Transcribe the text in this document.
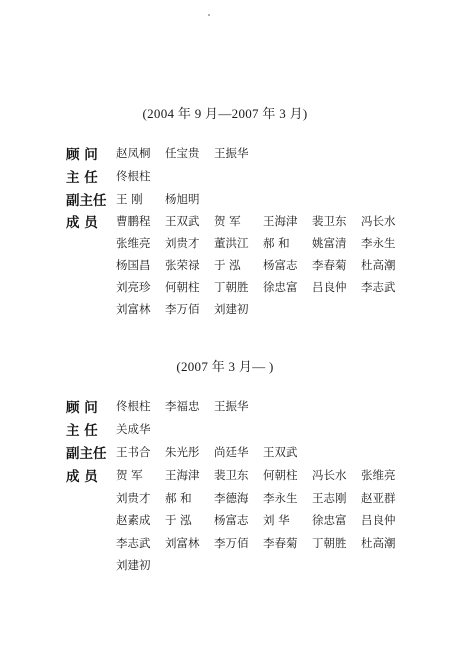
(2004 年 9 月—2007 年 3 月)
顾 问	赵凤桐	任宝贵	王振华
主 任	佟根柱
副主任 王 刚	杨旭明
成 员	曹鹏程	王双武	贺 军	王海津	裴卫东	冯长水
张维亮	刘贵才	董洪江	郝 和	姚富清	李永生
杨国昌	张荣禄	于 泓	杨富志	李春菊	杜高潮
刘亮珍	何朝柱	丁朝胜	徐忠富	吕良仲	李志武
刘富林	李万佰	刘建初
(2007 年 3 月— )
顾 问	佟根柱	李福忠	王振华
主 任	关成华
副主任 王书合	朱光彤	尚廷华	王双武
成 员	贺 军	王海津	裴卫东	何朝柱	冯长水	张维亮
刘贵才	郝 和	李德海	李永生	王志刚	赵亚群
赵素成	于 泓	杨富志	刘 华	徐忠富	吕良仲
李志武	刘富林	李万佰	李春菊	丁朝胜	杜高潮
刘建初
